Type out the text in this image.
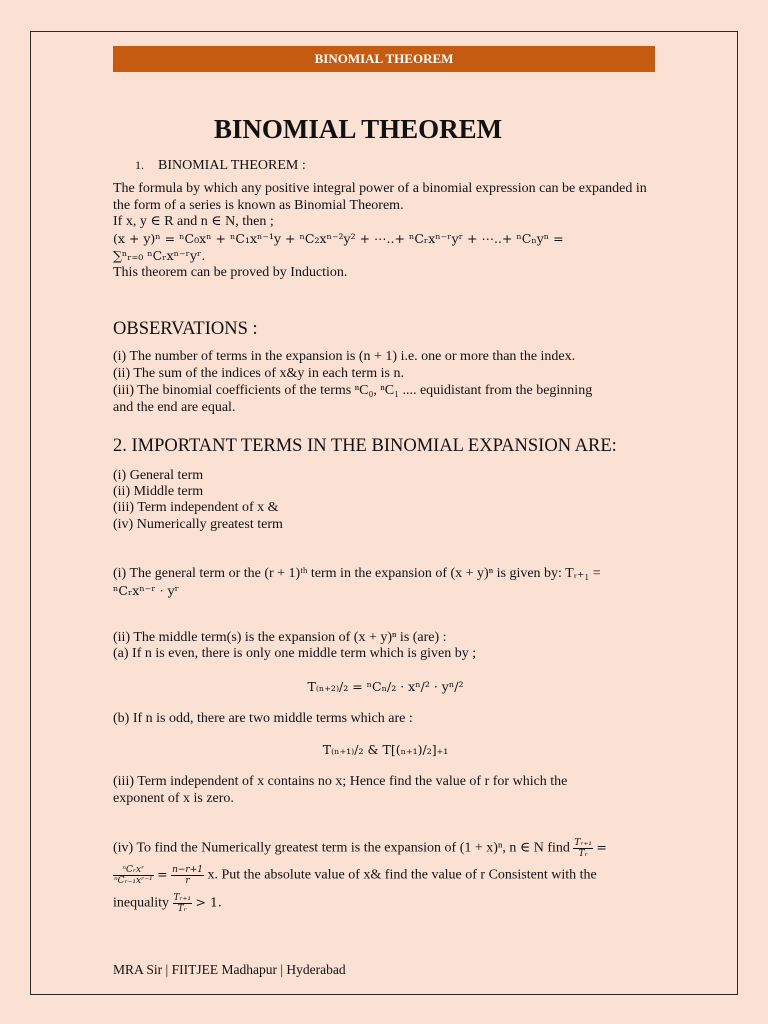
BINOMIAL THEOREM
BINOMIAL THEOREM
1. BINOMIAL THEOREM :
The formula by which any positive integral power of a binomial expression can be expanded in the form of a series is known as Binomial Theorem.
If x, y ∈ R and n ∈ N, then ;
(x + y)ⁿ = ⁿC₀xⁿ + ⁿC₁xⁿ⁻¹y + ⁿC₂xⁿ⁻²y² + ⋯..+ ⁿCᵣxⁿ⁻ʳyʳ + ⋯..+ ⁿCₙyⁿ =
∑ⁿᵣ₌₀ ⁿCᵣxⁿ⁻ʳyʳ.
This theorem can be proved by Induction.
OBSERVATIONS :
(i) The number of terms in the expansion is (n + 1) i.e. one or more than the index.
(ii) The sum of the indices of x&y in each term is n.
(iii) The binomial coefficients of the terms ⁿC₀, ⁿC₁ .... equidistant from the beginning
and the end are equal.
2. IMPORTANT TERMS IN THE BINOMIAL EXPANSION ARE:
(i) General term
(ii) Middle term
(iii) Term independent of x &
(iv) Numerically greatest term
(i) The general term or the (r + 1)ᵗʰ term in the expansion of (x + y)ⁿ is given by: Tᵣ₊₁ =
ⁿCᵣxⁿ⁻ʳ · yʳ
(ii) The middle term(s) is the expansion of (x + y)ⁿ is (are) :
(a) If n is even, there is only one middle term which is given by ;
T₍ₙ₊₂₎/₂ = ⁿCₙ/₂ · xⁿ/² · yⁿ/²
(b) If n is odd, there are two middle terms which are :
T₍ₙ₊₁₎/₂ & T[(ₙ₊₁)/₂]₊₁
(iii) Term independent of x contains no x; Hence find the value of r for which the
exponent of x is zero.
(iv) To find the Numerically greatest term is the expansion of (1 + x)ⁿ, n ∈ N find $\frac{\text{Tᵣ₊₁}}{\text{Tᵣ}}$ =
$\frac{\text{ⁿCᵣxʳ}}{\text{ⁿCᵣ₋₁xʳ⁻¹}} = \frac{n-r+1}{r} x$. Put the absolute value of x& find the value of r Consistent with the
inequality $\frac{\text{Tᵣ₊₁}}{\text{Tᵣ}} > 1$.
MRA Sir | FIITJEE Madhapur | Hyderabad
